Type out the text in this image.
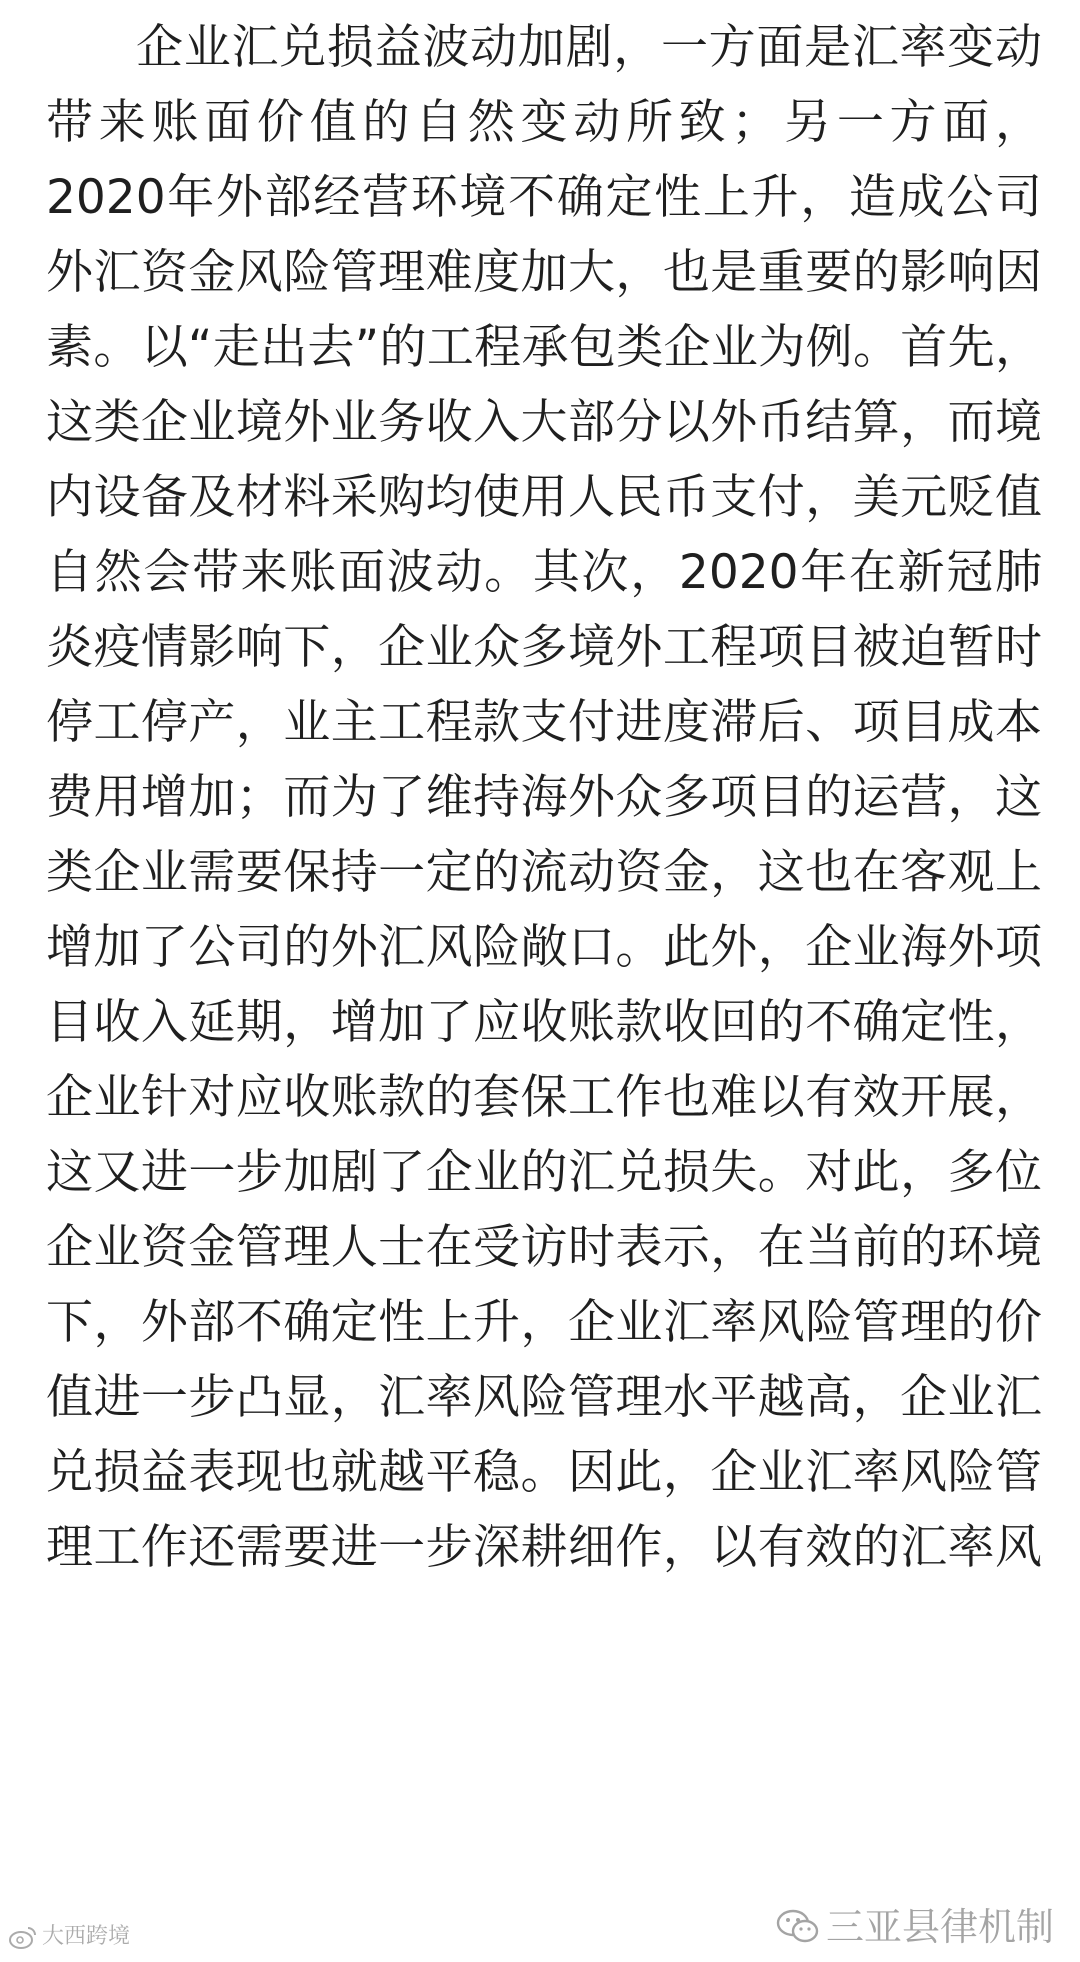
企业汇兑损益波动加剧，一方面是汇率变动
带来账面价值的自然变动所致；另一方面，
2020年外部经营环境不确定性上升，造成公司
外汇资金风险管理难度加大，也是重要的影响因
素。以“走出去”的工程承包类企业为例。首先，
这类企业境外业务收入大部分以外币结算，而境
内设备及材料采购均使用人民币支付，美元贬值
自然会带来账面波动。其次，2020年在新冠肺
炎疫情影响下，企业众多境外工程项目被迫暂时
停工停产，业主工程款支付进度滞后、项目成本
费用增加；而为了维持海外众多项目的运营，这
类企业需要保持一定的流动资金，这也在客观上
增加了公司的外汇风险敞口。此外，企业海外项
目收入延期，增加了应收账款收回的不确定性，
企业针对应收账款的套保工作也难以有效开展，
这又进一步加剧了企业的汇兑损失。对此，多位
企业资金管理人士在受访时表示，在当前的环境
下，外部不确定性上升，企业汇率风险管理的价
值进一步凸显，汇率风险管理水平越高，企业汇
兑损益表现也就越平稳。因此，企业汇率风险管
理工作还需要进一步深耕细作，以有效的汇率风
三亚县律机制
大西跨境
